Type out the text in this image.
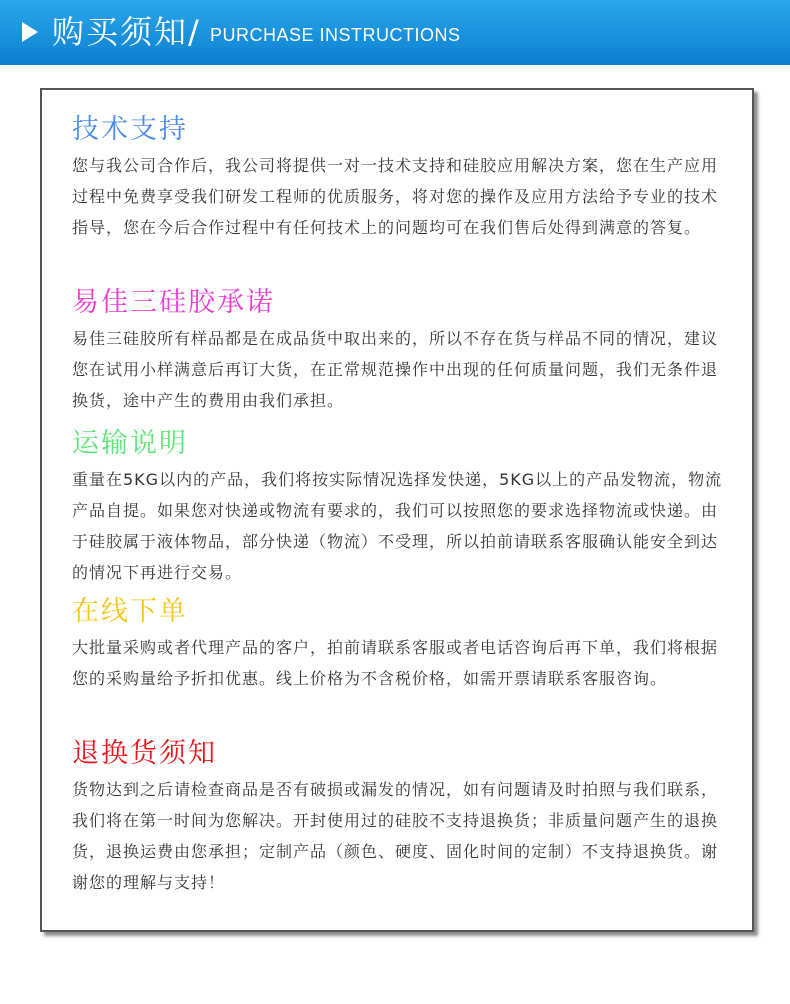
购买须知 / PURCHASE INSTRUCTIONS
技术支持

您与我公司合作后，我公司将提供一对一技术支持和硅胶应用解决方案，您在生产应用过程中免费享受我们研发工程师的优质服务，将对您的操作及应用方法给予专业的技术指导，您在今后合作过程中有任何技术上的问题均可在我们售后处得到满意的答复。

易佳三硅胶承诺

易佳三硅胶所有样品都是在成品货中取出来的，所以不存在货与样品不同的情况，建议您在试用小样满意后再订大货，在正常规范操作中出现的任何质量问题，我们无条件退换货，途中产生的费用由我们承担。

运输说明

重量在5KG以内的产品，我们将按实际情况选择发快递，5KG以上的产品发物流，物流产品自提。如果您对快递或物流有要求的，我们可以按照您的要求选择物流或快递。由于硅胶属于液体物品，部分快递（物流）不受理，所以拍前请联系客服确认能安全到达的情况下再进行交易。

在线下单

大批量采购或者代理产品的客户，拍前请联系客服或者电话咨询后再下单，我们将根据您的采购量给予折扣优惠。线上价格为不含税价格，如需开票请联系客服咨询。

退换货须知

货物达到之后请检查商品是否有破损或漏发的情况，如有问题请及时拍照与我们联系，我们将在第一时间为您解决。开封使用过的硅胶不支持退换货；非质量问题产生的退换货，退换运费由您承担；定制产品（颜色、硬度、固化时间的定制）不支持退换货。谢谢您的理解与支持！
